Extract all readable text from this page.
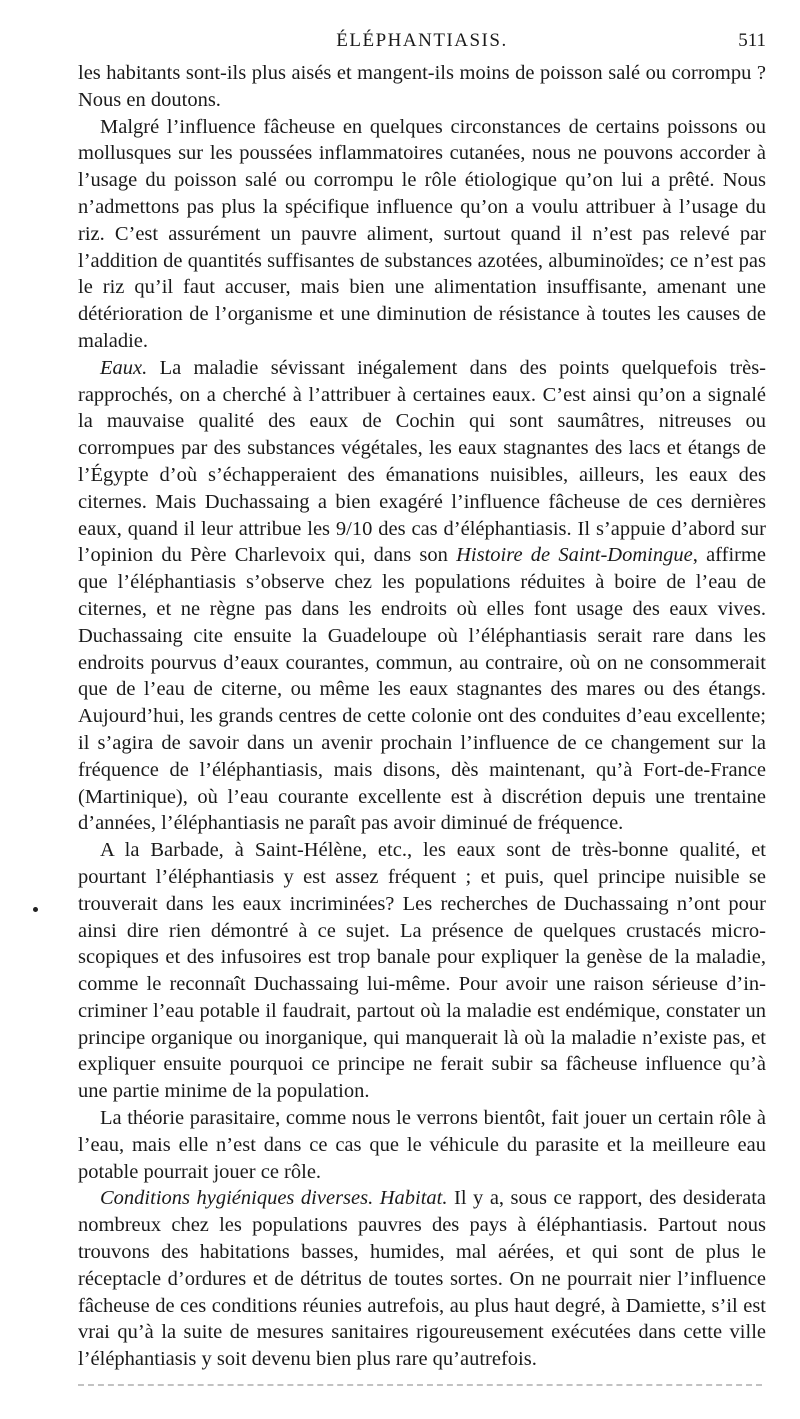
ÉLÉPHANTIASIS.	511

les habitants sont-ils plus aisés et mangent-ils moins de poisson salé ou corrompu ? Nous en doutons.

Malgré l’influence fâcheuse en quelques circonstances de certains poissons ou mollusques sur les poussées inflammatoires cutanées, nous ne pouvons accorder à l’usage du poisson salé ou corrompu le rôle étiologique qu’on lui a prêté. Nous n’admettons pas plus la spécifique influence qu’on a voulu attribuer à l’usage du riz. C’est assurément un pauvre aliment, surtout quand il n’est pas relevé par l’addition de quantités suffisantes de substances azotées, albuminoïdes; ce n’est pas le riz qu’il faut accuser, mais bien une alimentation insuffisante, amenant une détérioration de l’organisme et une diminution de résistance à toutes les causes de maladie.

Eaux. La maladie sévissant inégalement dans des points quelquefois très-rapprochés, on a cherché à l’attribuer à certaines eaux. C’est ainsi qu’on a signalé la mauvaise qualité des eaux de Cochin qui sont saumâtres, nitreuses ou corrompues par des substances végétales, les eaux stagnantes des lacs et étangs de l’Égypte d’où s’échapperaient des émanations nuisibles, ailleurs, les eaux des citernes. Mais Duchassaing a bien exagéré l’influence fâcheuse de ces dernières eaux, quand il leur attribue les 9/10 des cas d’éléphantiasis. Il s’appuie d’abord sur l’opinion du Père Charlevoix qui, dans son Histoire de Saint-Domingue, affirme que l’éléphantiasis s’observe chez les populations réduites à boire de l’eau de citernes, et ne règne pas dans les endroits où elles font usage des eaux vives. Duchassaing cite ensuite la Guadeloupe où l’éléphantiasis serait rare dans les endroits pourvus d’eaux courantes, commun, au contraire, où on ne consommerait que de l’eau de citerne, ou même les eaux stagnantes des mares ou des étangs. Aujourd’hui, les grands centres de cette colonie ont des conduites d’eau excellente; il s’agira de savoir dans un avenir prochain l’influence de ce changement sur la fréquence de l’éléphantiasis, mais disons, dès maintenant, qu’à Fort-de-France (Martinique), où l’eau courante excellente est à discrétion depuis une trentaine d’années, l’éléphantiasis ne paraît pas avoir diminué de fréquence.

A la Barbade, à Saint-Hélène, etc., les eaux sont de très-bonne qualité, et pourtant l’éléphantiasis y est assez fréquent ; et puis, quel principe nuisible se trouverait dans les eaux incriminées? Les recherches de Duchassaing n’ont pour ainsi dire rien démontré à ce sujet. La présence de quelques crustacés microscopiques et des infusoires est trop banale pour expliquer la genèse de la maladie, comme le reconnaît Duchassaing lui-même. Pour avoir une raison sérieuse d’incriminer l’eau potable il faudrait, partout où la maladie est endémique, constater un principe organique ou inorganique, qui manquerait là où la maladie n’existe pas, et expliquer ensuite pourquoi ce principe ne ferait subir sa fâcheuse influence qu’à une partie minime de la population.

La théorie parasitaire, comme nous le verrons bientôt, fait jouer un certain rôle à l’eau, mais elle n’est dans ce cas que le véhicule du parasite et la meilleure eau potable pourrait jouer ce rôle.

Conditions hygiéniques diverses. Habitat. Il y a, sous ce rapport, des desiderata nombreux chez les populations pauvres des pays à éléphantiasis. Partout nous trouvons des habitations basses, humides, mal aérées, et qui sont de plus le réceptacle d’ordures et de détritus de toutes sortes. On ne pourrait nier l’influence fâcheuse de ces conditions réunies autrefois, au plus haut degré, à Damiette, s’il est vrai qu’à la suite de mesures sanitaires rigoureusement exécutées dans cette ville l’éléphantiasis y soit devenu bien plus rare qu’autrefois.
